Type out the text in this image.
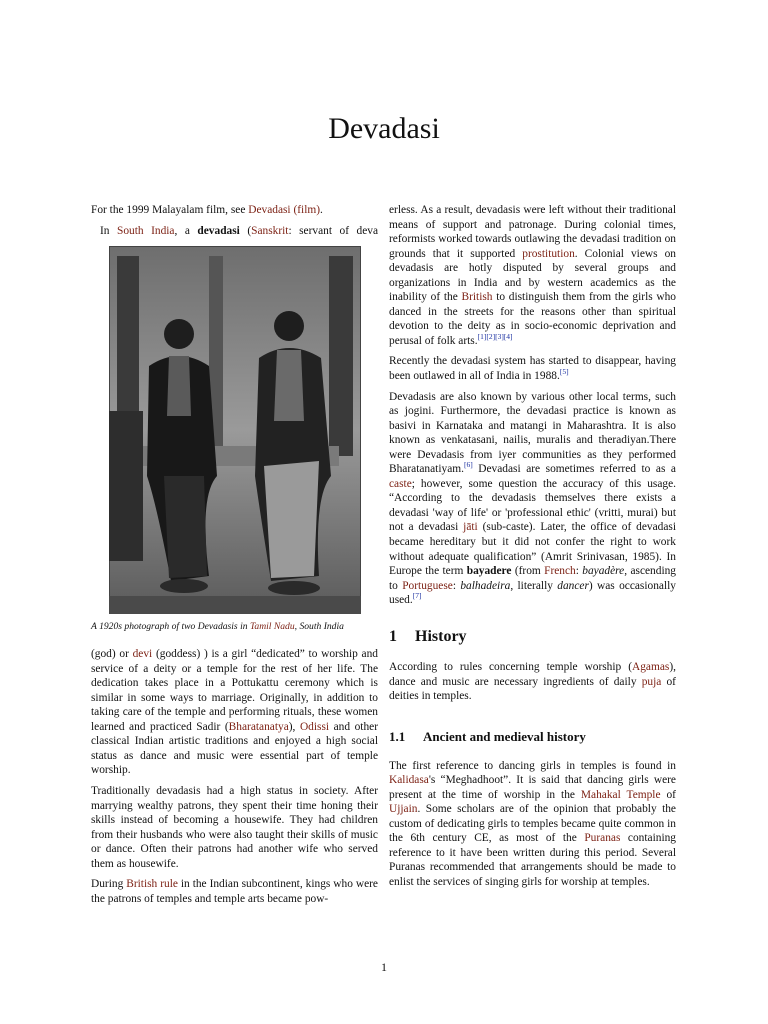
Devadasi

For the 1999 Malayalam film, see Devadasi (film).

In South India, a devadasi (Sanskrit: servant of deva

A 1920s photograph of two Devadasis in Tamil Nadu, South India

(god) or devi (goddess) ) is a girl “dedicated” to worship and service of a deity or a temple for the rest of her life. The dedication takes place in a Pottukattu ceremony which is similar in some ways to marriage. Originally, in addition to taking care of the temple and performing rituals, these women learned and practiced Sadir (Bharatanatya), Odissi and other classical Indian artistic traditions and enjoyed a high social status as dance and music were essential part of temple worship.

Traditionally devadasis had a high status in society. After marrying wealthy patrons, they spent their time honing their skills instead of becoming a housewife. They had children from their husbands who were also taught their skills of music or dance. Often their patrons had another wife who served them as housewife.

During British rule in the Indian subcontinent, kings who were the patrons of temples and temple arts became pow-

erless. As a result, devadasis were left without their traditional means of support and patronage. During colonial times, reformists worked towards outlawing the devadasi tradition on grounds that it supported prostitution. Colonial views on devadasis are hotly disputed by several groups and organizations in India and by western academics as the inability of the British to distinguish them from the girls who danced in the streets for the reasons other than spiritual devotion to the deity as in socio-economic deprivation and perusal of folk arts.[1][2][3][4]

Recently the devadasi system has started to disappear, having been outlawed in all of India in 1988.[5]

Devadasis are also known by various other local terms, such as jogini. Furthermore, the devadasi practice is known as basivi in Karnataka and matangi in Maharashtra. It is also known as venkatasani, nailis, muralis and theradiyan.There were Devadasis from iyer communities as they performed Bharatanatiyam.[6] Devadasi are sometimes referred to as a caste; however, some question the accuracy of this usage. “According to the devadasis themselves there exists a devadasi 'way of life' or 'professional ethic' (vritti, murai) but not a devadasi jāti (sub-caste). Later, the office of devadasi became hereditary but it did not confer the right to work without adequate qualification” (Amrit Srinivasan, 1985). In Europe the term bayadere (from French: bayadère, ascending to Portuguese: balhadeira, literally dancer) was occasionally used.[7]

1 History

According to rules concerning temple worship (Agamas), dance and music are necessary ingredients of daily puja of deities in temples.

1.1 Ancient and medieval history

The first reference to dancing girls in temples is found in Kalidasa's “Meghadhoot”. It is said that dancing girls were present at the time of worship in the Mahakal Temple of Ujjain. Some scholars are of the opinion that probably the custom of dedicating girls to temples became quite common in the 6th century CE, as most of the Puranas containing reference to it have been written during this period. Several Puranas recommended that arrangements should be made to enlist the services of singing girls for worship at temples.

1
